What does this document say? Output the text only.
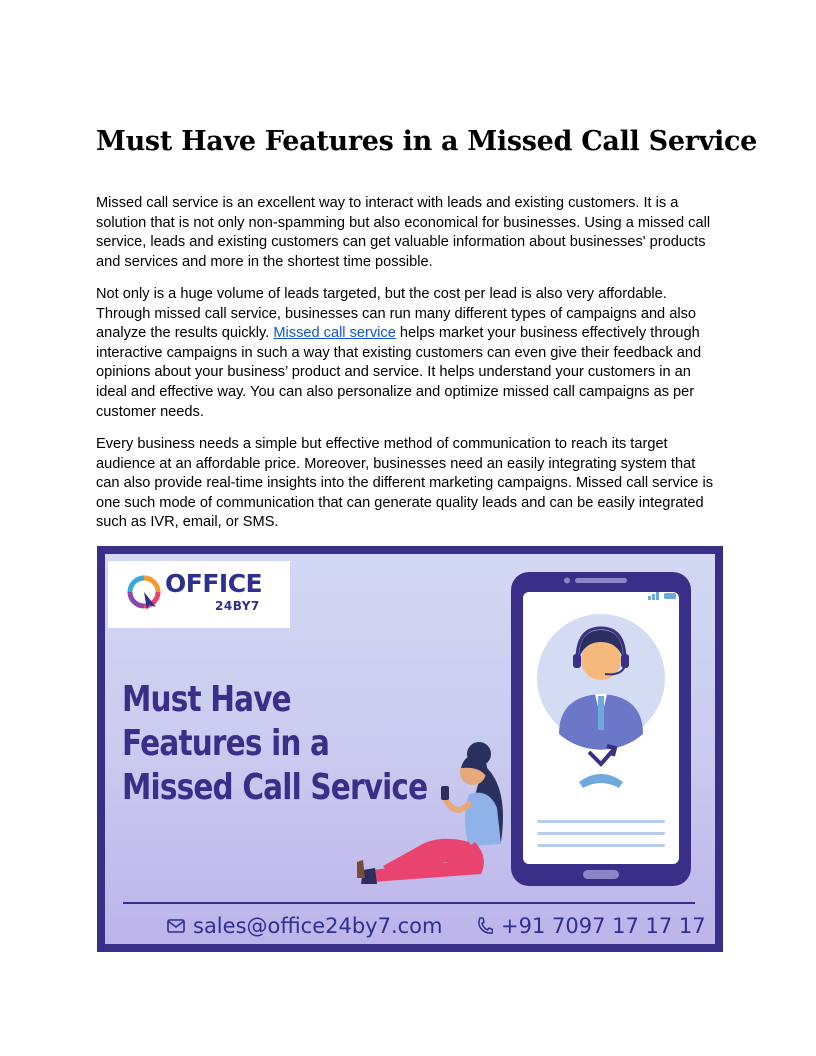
Must Have Features in a Missed Call Service

Missed call service is an excellent way to interact with leads and existing customers. It is a solution that is not only non-spamming but also economical for businesses. Using a missed call service, leads and existing customers can get valuable information about businesses' products and services and more in the shortest time possible.

Not only is a huge volume of leads targeted, but the cost per lead is also very affordable. Through missed call service, businesses can run many different types of campaigns and also analyze the results quickly. Missed call service helps market your business effectively through interactive campaigns in such a way that existing customers can even give their feedback and opinions about your business’ product and service. It helps understand your customers in an ideal and effective way. You can also personalize and optimize missed call campaigns as per customer needs.

Every business needs a simple but effective method of communication to reach its target audience at an affordable price. Moreover, businesses need an easily integrating system that can also provide real-time insights into the different marketing campaigns. Missed call service is one such mode of communication that can generate quality leads and can be easily integrated such as IVR, email, or SMS.

OFFICE
24BY7
Must Have
Features in a
Missed Call Service
sales@office24by7.com	+91 7097 17 17 17
